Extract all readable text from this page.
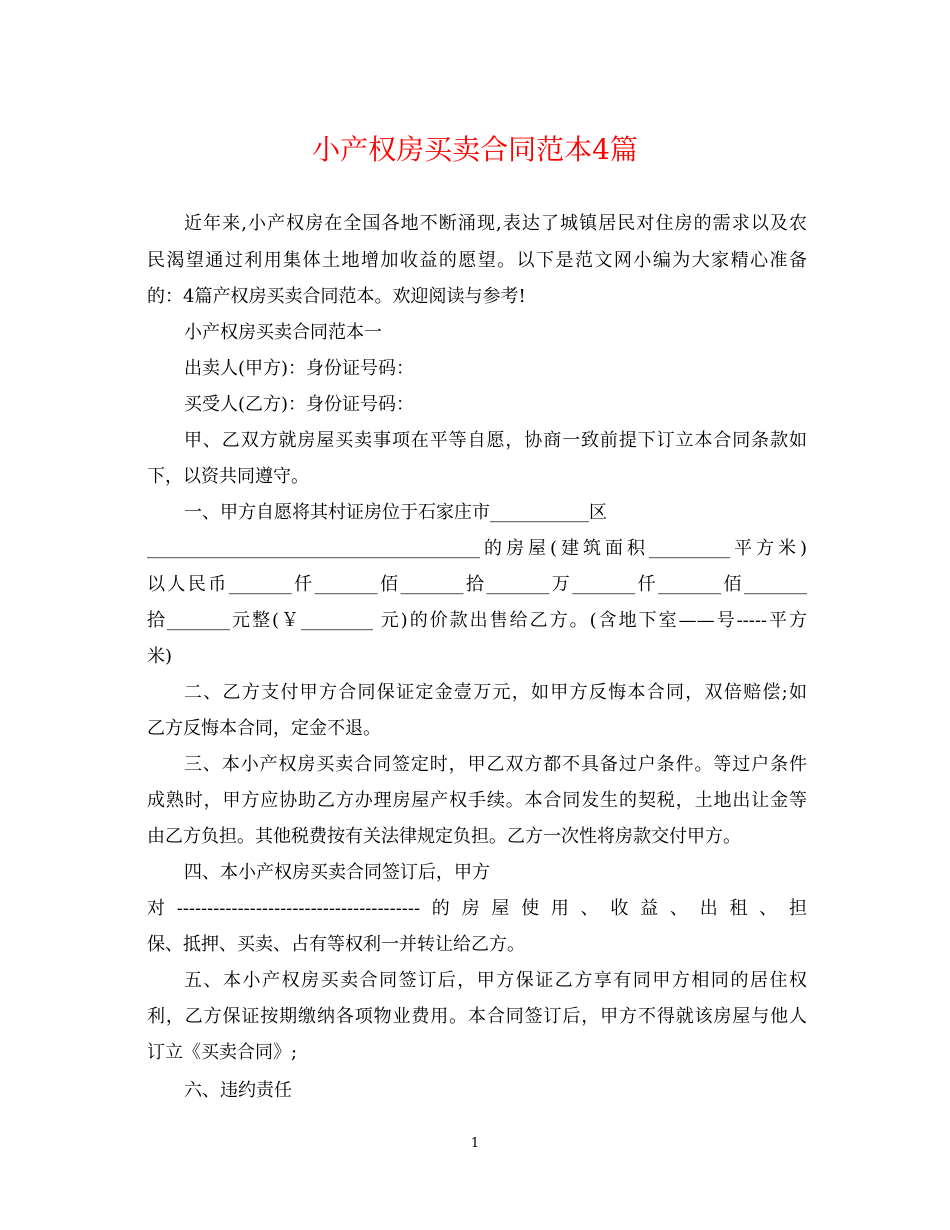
小产权房买卖合同范本4篇
近年来,小产权房在全国各地不断涌现,表达了城镇居民对住房的需求以及农
民渴望通过利用集体土地增加收益的愿望。以下是范文网小编为大家精心准备
的：4篇产权房买卖合同范本。欢迎阅读与参考!
小产权房买卖合同范本一
出卖人(甲方)：身份证号码：
买受人(乙方)：身份证号码：
甲、乙双方就房屋买卖事项在平等自愿，协商一致前提下订立本合同条款如
下，以资共同遵守。
一、甲方自愿将其村证房位于石家庄市___________区
_____________________________________的房屋(建筑面积_________平方米)
以人民币_______仟_______佰_______拾_______万_______仟_______佰_______
拾_______元整(￥________ 元)的价款出售给乙方。(含地下室——号-----平方
米)
二、乙方支付甲方合同保证定金壹万元，如甲方反悔本合同，双倍赔偿;如
乙方反悔本合同，定金不退。
三、本小产权房买卖合同签定时，甲乙双方都不具备过户条件。等过户条件
成熟时，甲方应协助乙方办理房屋产权手续。本合同发生的契税，土地出让金等
由乙方负担。其他税费按有关法律规定负担。乙方一次性将房款交付甲方。
四、本小产权房买卖合同签订后，甲方
对----------------------------------------的房屋使用、收益、出租、担
保、抵押、买卖、占有等权利一并转让给乙方。
五、本小产权房买卖合同签订后，甲方保证乙方享有同甲方相同的居住权
利，乙方保证按期缴纳各项物业费用。本合同签订后，甲方不得就该房屋与他人
订立《买卖合同》;
六、违约责任
1
